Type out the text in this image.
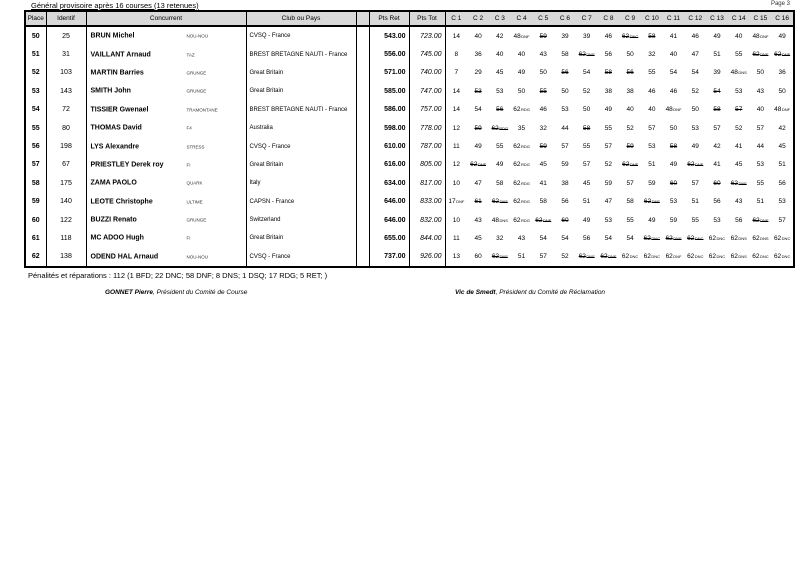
Général provisoire après 16 courses (13 retenues)	Page 3
Place	Identif	Concurrent	Club ou Pays		Pts Ret	Pts Tot	C 1 C 2 C 3 C 4 C 5 C 6 C 7 C 8 C 9 C 10 C 11 C 12 C 13 C 14 C 15 C 16

50	25	BRUN Michel	NOU-NOU	CVSQ - France		543.00	723.00	14 40 42 48DNF 59 39 39 46 62DNC 58 41 46 49 40 48DNF 49

51	31	VAILLANT Arnaud	TAZ	BREST BRETAGNE NAUTI - France		556.00	745.00	8	36 40 40 43 58 62DNF 56 50 32 40 47 51 55 62DNF 62DNF

52	103	MARTIN Barries	GRUNGE	Great Britain		571.00	740.00	7	29 45 49 50 56 54 58 56 55 54 54 39 48DNS 50 36

53	143	SMITH John	GRUNGE	Great Britain		585.00	747.00	14 53 53 50 55 50 52 38 38 46 46 52 54 53 43 50

54	72	TISSIER Gwenael	TRAMONTANE	BREST BRETAGNE NAUTI - France		586.00	757.00	14 54 56 62RDG 46 53 50 49 40 40 48DNF 50 58 57 40 48DNF

55	80	THOMAS David	F4	Australia		598.00	778.00	12 59 62RDG 35 32 44 58 55 52 57 50 53 57 52 57 42

56	198	LYS Alexandre	STRESS	CVSQ - France		610.00	787.00	11 49 55 62RDG 59 57 55 57 59 53 58 49 42 41 44 45

57	67	PRIESTLEY Derek roy	FI	Great Britain		616.00	805.00	12 62DNF 49 62RDG 45 59 57 52 62DNF 51 49 62DNF 41 45 53 51

58	175	ZAMA PAOLO	QUARK	Italy		634.00	817.00	10 47 58 62RDG 41 38 45 59 57 59 60 57 60 62DNF 55 56

59	140	LEOTE Christophe	ULTIME	CAPSN - France		646.00	833.00	17DNF 61 62DNF 62RDG 58 56 51 47 58 62DNF 53 51 56 43 51 53

60	122	BUZZI Renato	GRUNGE	Switzerland		646.00	832.00	10 43 48DNS 62RDG 62DNF 60 49 53 55 49 59 55 53 56 62DNF 57

61	118	MC ADOO Hugh	FI	Great Britain		655.00	844.00	11 45 32 43 54 54 56 54 54 62DNC 62DNF 62DNC 62DNC 62DNS 62DNS 62DNC

62	138	ODEND HAL Arnaud	NOU-NOU	CVSQ - France		737.00	926.00	13 60 62DNF 51 57 52 62DNF 62DNF 62DNC 62DNC 62DNF 62DNC 62DNC 62DNS 62DNC 62DNC
Pénalités et réparations : 112 (1 BFD; 22 DNC; 58 DNF; 8 DNS; 1 DSQ; 17 RDG; 5 RET; )
GONNET Pierre, Président du Comité de Course	Vic de Smedt, Président du Comité de Réclamation
